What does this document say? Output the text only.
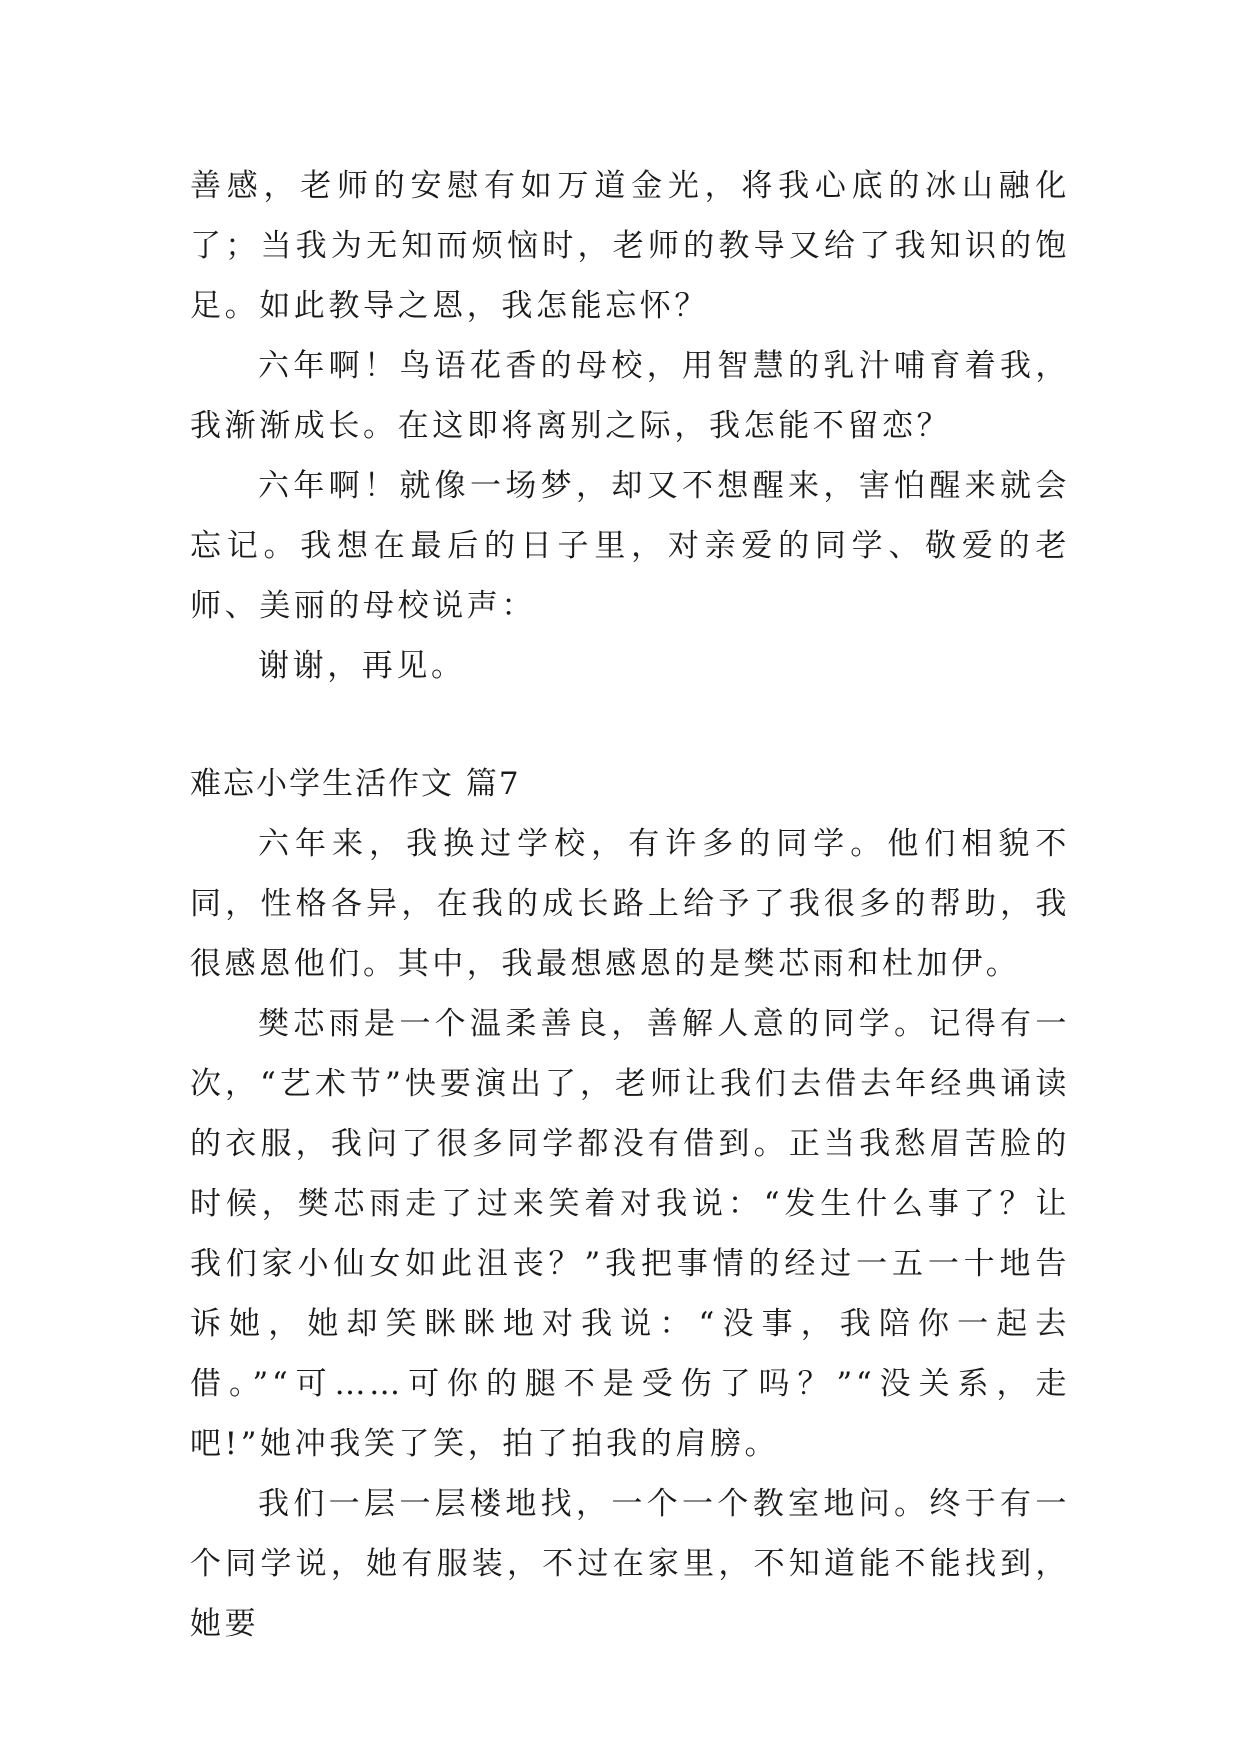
善感，老师的安慰有如万道金光，将我心底的冰山融化了；当我为无知而烦恼时，老师的教导又给了我知识的饱足。如此教导之恩，我怎能忘怀？

六年啊！鸟语花香的母校，用智慧的乳汁哺育着我，我渐渐成长。在这即将离别之际，我怎能不留恋？

六年啊！就像一场梦，却又不想醒来，害怕醒来就会忘记。我想在最后的日子里，对亲爱的同学、敬爱的老师、美丽的母校说声：

谢谢，再见。

难忘小学生活作文 篇7

六年来，我换过学校，有许多的同学。他们相貌不同，性格各异，在我的成长路上给予了我很多的帮助，我很感恩他们。其中，我最想感恩的是樊芯雨和杜加伊。

樊芯雨是一个温柔善良，善解人意的同学。记得有一次，“艺术节”快要演出了，老师让我们去借去年经典诵读的衣服，我问了很多同学都没有借到。正当我愁眉苦脸的时候，樊芯雨走了过来笑着对我说：“发生什么事了？让我们家小仙女如此沮丧？”我把事情的经过一五一十地告诉她，她却笑眯眯地对我说：“没事，我陪你一起去借。”“可……可你的腿不是受伤了吗？”“没关系，走吧!”她冲我笑了笑，拍了拍我的肩膀。

我们一层一层楼地找，一个一个教室地问。终于有一个同学说，她有服装，不过在家里，不知道能不能找到，她要
